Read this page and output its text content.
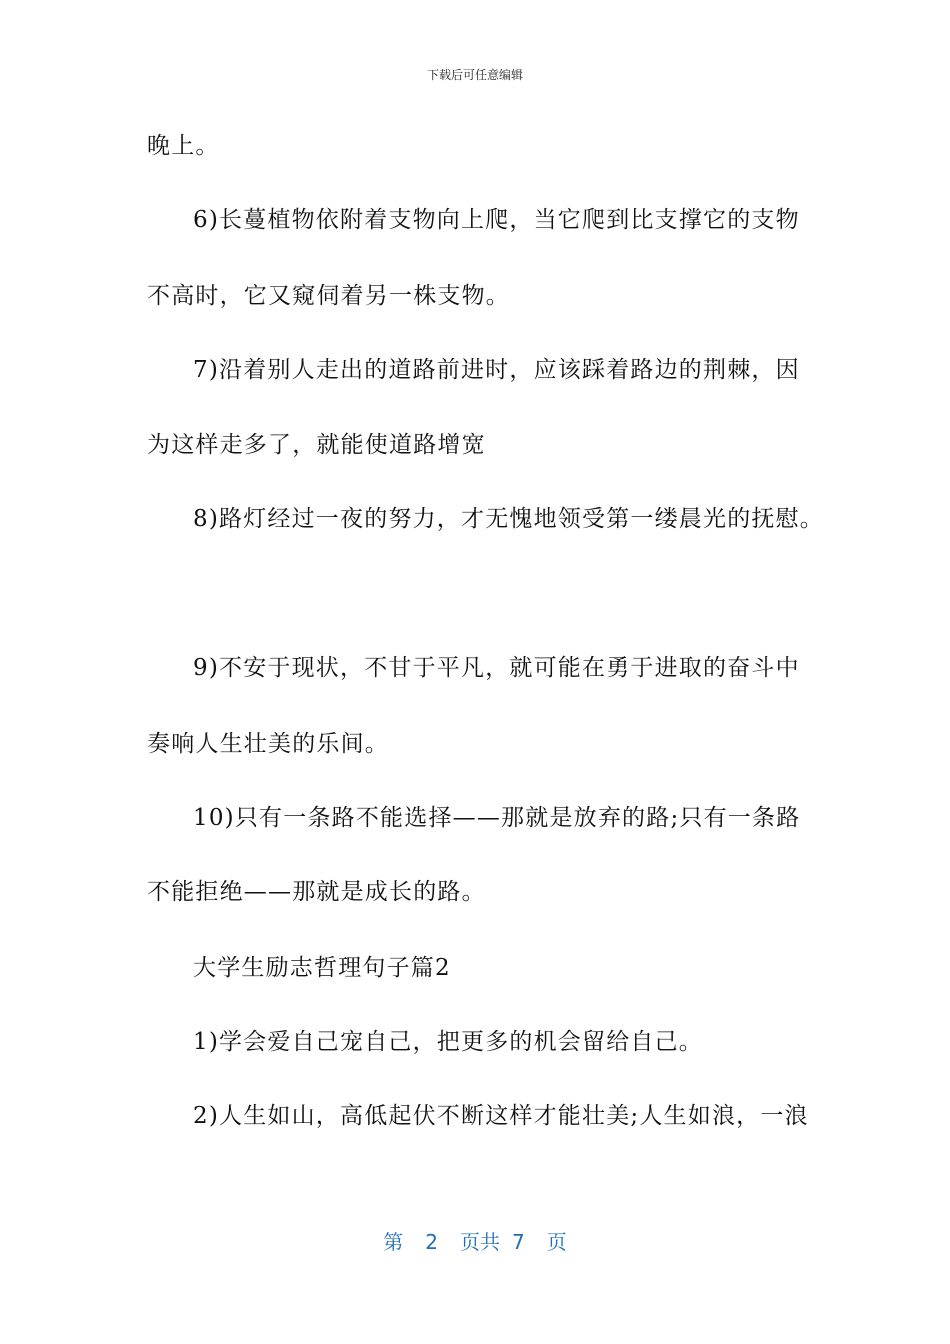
下载后可任意编辑
晚上。
6)长蔓植物依附着支物向上爬，当它爬到比支撑它的支物
不高时，它又窥伺着另一株支物。
7)沿着别人走出的道路前进时，应该踩着路边的荆棘，因
为这样走多了，就能使道路增宽
8)路灯经过一夜的努力，才无愧地领受第一缕晨光的抚慰。
9)不安于现状，不甘于平凡，就可能在勇于进取的奋斗中
奏响人生壮美的乐间。
10)只有一条路不能选择——那就是放弃的路;只有一条路
不能拒绝——那就是成长的路。
大学生励志哲理句子篇2
1)学会爱自己宠自己，把更多的机会留给自己。
2)人生如山，高低起伏不断这样才能壮美;人生如浪，一浪
第 2 页共 7 页
